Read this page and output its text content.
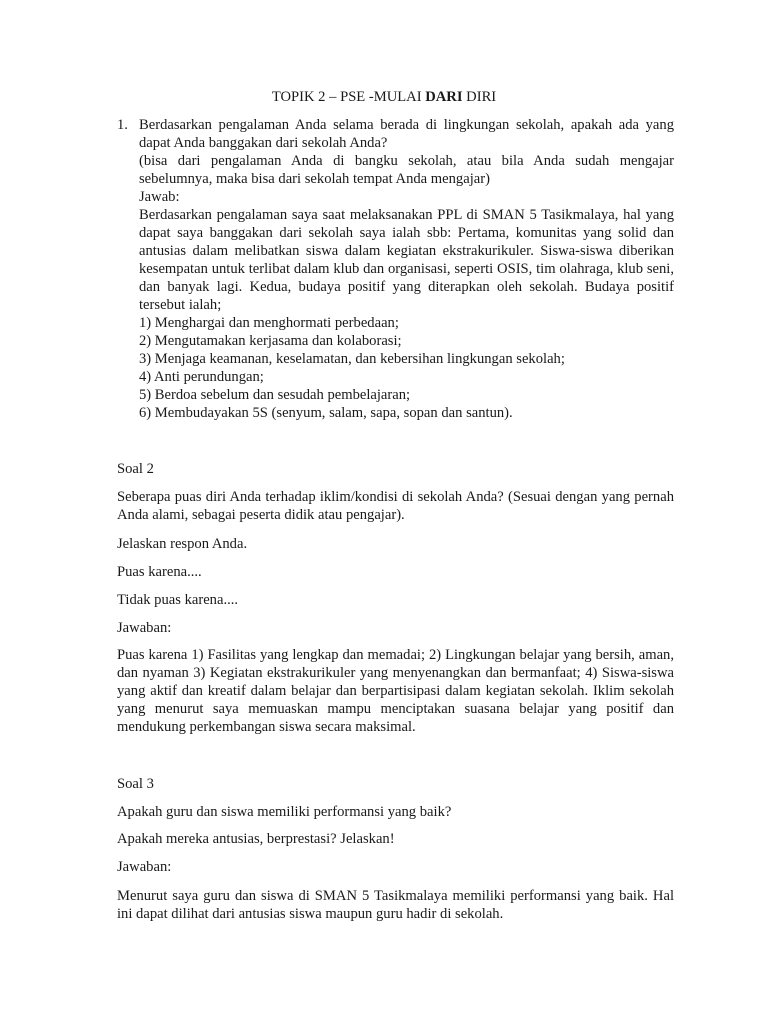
TOPIK 2 – PSE -MULAI DARI DIRI
1. Berdasarkan pengalaman Anda selama berada di lingkungan sekolah, apakah ada yang dapat Anda banggakan dari sekolah Anda?
(bisa dari pengalaman Anda di bangku sekolah, atau bila Anda sudah mengajar sebelumnya, maka bisa dari sekolah tempat Anda mengajar)
Jawab:
Berdasarkan pengalaman saya saat melaksanakan PPL di SMAN 5 Tasikmalaya, hal yang dapat saya banggakan dari sekolah saya ialah sbb: Pertama, komunitas yang solid dan antusias dalam melibatkan siswa dalam kegiatan ekstrakurikuler. Siswa-siswa diberikan kesempatan untuk terlibat dalam klub dan organisasi, seperti OSIS, tim olahraga, klub seni, dan banyak lagi. Kedua, budaya positif yang diterapkan oleh sekolah. Budaya positif tersebut ialah;
1) Menghargai dan menghormati perbedaan;
2) Mengutamakan kerjasama dan kolaborasi;
3) Menjaga keamanan, keselamatan, dan kebersihan lingkungan sekolah;
4) Anti perundungan;
5) Berdoa sebelum dan sesudah pembelajaran;
6) Membudayakan 5S (senyum, salam, sapa, sopan dan santun).
Soal 2
Seberapa puas diri Anda terhadap iklim/kondisi di sekolah Anda? (Sesuai dengan yang pernah Anda alami, sebagai peserta didik atau pengajar).
Jelaskan respon Anda.
Puas karena....
Tidak puas karena....
Jawaban:
Puas karena 1) Fasilitas yang lengkap dan memadai; 2) Lingkungan belajar yang bersih, aman, dan nyaman 3) Kegiatan ekstrakurikuler yang menyenangkan dan bermanfaat; 4) Siswa-siswa yang aktif dan kreatif dalam belajar dan berpartisipasi dalam kegiatan sekolah. Iklim sekolah yang menurut saya memuaskan mampu menciptakan suasana belajar yang positif dan mendukung perkembangan siswa secara maksimal.
Soal 3
Apakah guru dan siswa memiliki performansi yang baik?
Apakah mereka antusias, berprestasi? Jelaskan!
Jawaban:
Menurut saya guru dan siswa di SMAN 5 Tasikmalaya memiliki performansi yang baik. Hal ini dapat dilihat dari antusias siswa maupun guru hadir di sekolah.
